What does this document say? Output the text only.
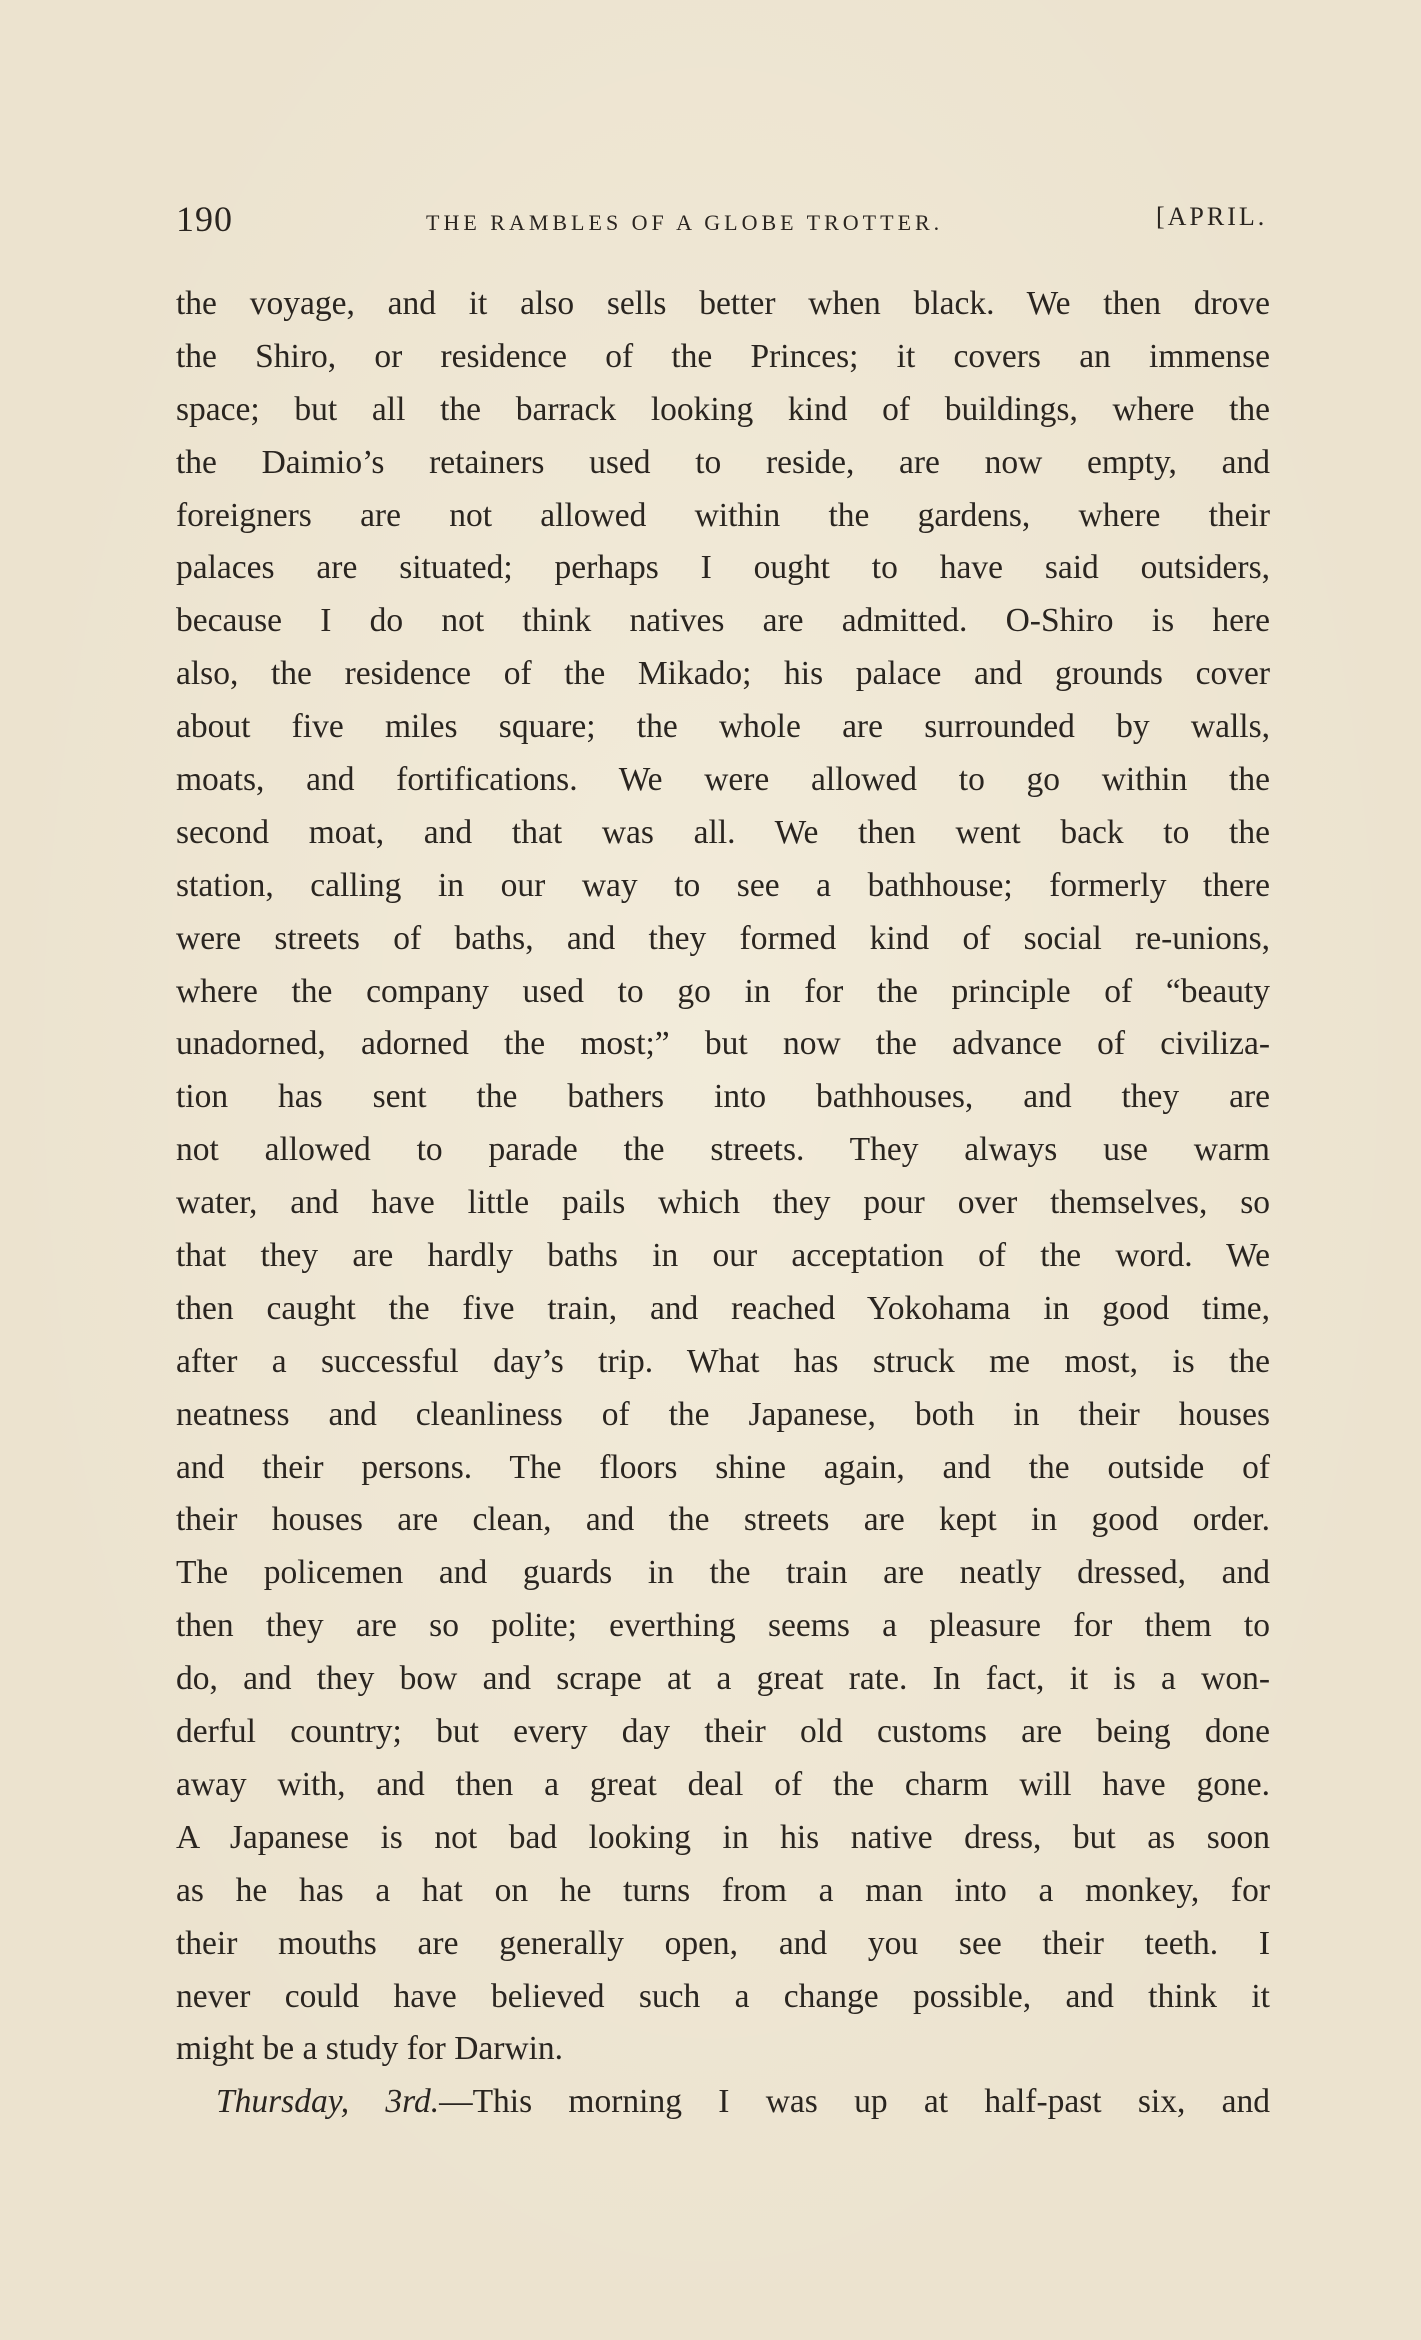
190	THE RAMBLES OF A GLOBE TROTTER.	[APRIL.
the voyage, and it also sells better when black. We then drove
the Shiro, or residence of the Princes; it covers an immense
space; but all the barrack looking kind of buildings, where the
the Daimio’s retainers used to reside, are now empty, and
foreigners are not allowed within the gardens, where their
palaces are situated; perhaps I ought to have said outsiders,
because I do not think natives are admitted. O-Shiro is here
also, the residence of the Mikado; his palace and grounds cover
about five miles square; the whole are surrounded by walls,
moats, and fortifications. We were allowed to go within the
second moat, and that was all. We then went back to the
station, calling in our way to see a bathhouse; formerly there
were streets of baths, and they formed kind of social re-unions,
where the company used to go in for the principle of “beauty
unadorned, adorned the most;” but now the advance of civiliza-
tion has sent the bathers into bathhouses, and they are
not allowed to parade the streets. They always use warm
water, and have little pails which they pour over themselves, so
that they are hardly baths in our acceptation of the word. We
then caught the five train, and reached Yokohama in good time,
after a successful day’s trip. What has struck me most, is the
neatness and cleanliness of the Japanese, both in their houses
and their persons. The floors shine again, and the outside of
their houses are clean, and the streets are kept in good order.
The policemen and guards in the train are neatly dressed, and
then they are so polite; everthing seems a pleasure for them to
do, and they bow and scrape at a great rate. In fact, it is a won-
derful country; but every day their old customs are being done
away with, and then a great deal of the charm will have gone.
A Japanese is not bad looking in his native dress, but as soon
as he has a hat on he turns from a man into a monkey, for
their mouths are generally open, and you see their teeth. I
never could have believed such a change possible, and think it
might be a study for Darwin.
Thursday, 3rd.—This morning I was up at half-past six, and
